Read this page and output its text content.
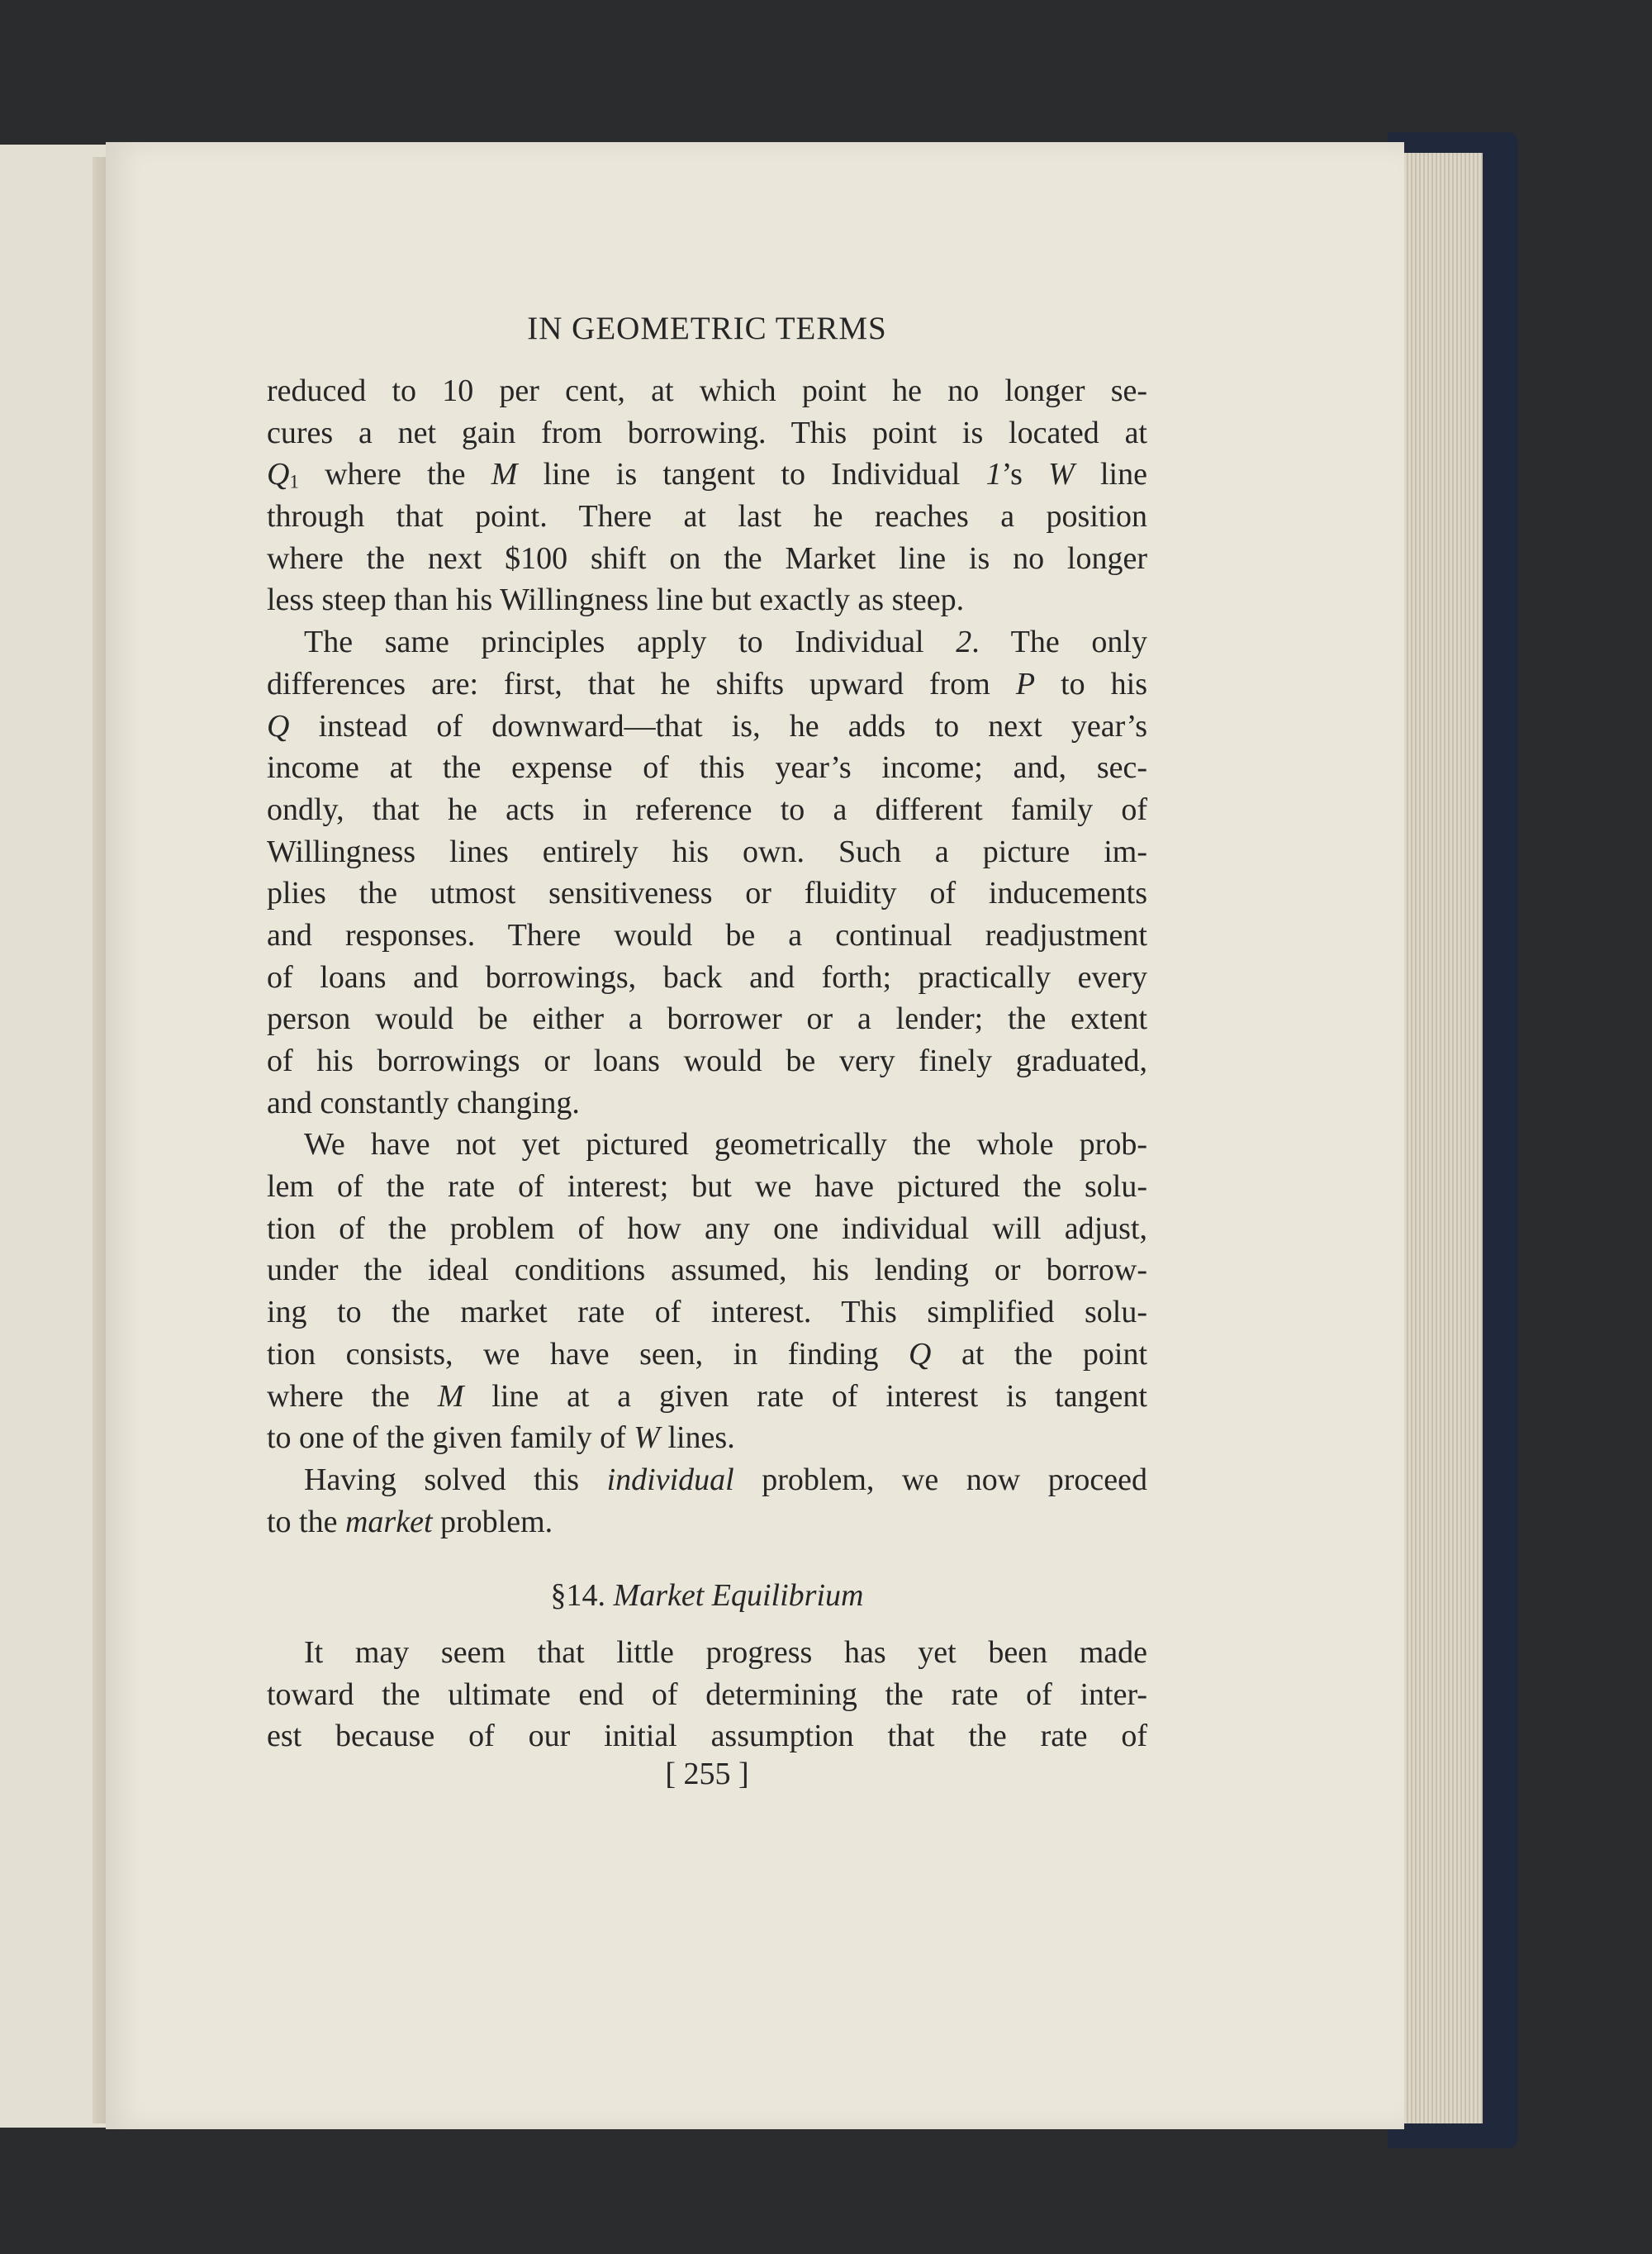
IN GEOMETRIC TERMS
reduced to 10 per cent, at which point he no longer se-
cures a net gain from borrowing. This point is located at
$Q_1$ where the M line is tangent to Individual 1’s W line
through that point. There at last he reaches a position
where the next $100 shift on the Market line is no longer
less steep than his Willingness line but exactly as steep.
The same principles apply to Individual 2. The only
differences are: first, that he shifts upward from P to his
Q instead of downward—that is, he adds to next year’s
income at the expense of this year’s income; and, sec-
ondly, that he acts in reference to a different family of
Willingness lines entirely his own. Such a picture im-
plies the utmost sensitiveness or fluidity of inducements
and responses. There would be a continual readjustment
of loans and borrowings, back and forth; practically every
person would be either a borrower or a lender; the extent
of his borrowings or loans would be very finely graduated,
and constantly changing.
We have not yet pictured geometrically the whole prob-
lem of the rate of interest; but we have pictured the solu-
tion of the problem of how any one individual will adjust,
under the ideal conditions assumed, his lending or borrow-
ing to the market rate of interest. This simplified solu-
tion consists, we have seen, in finding Q at the point
where the M line at a given rate of interest is tangent
to one of the given family of W lines.
Having solved this individual problem, we now proceed
to the market problem.
§14. Market Equilibrium
It may seem that little progress has yet been made
toward the ultimate end of determining the rate of inter-
est because of our initial assumption that the rate of
[ 255 ]
